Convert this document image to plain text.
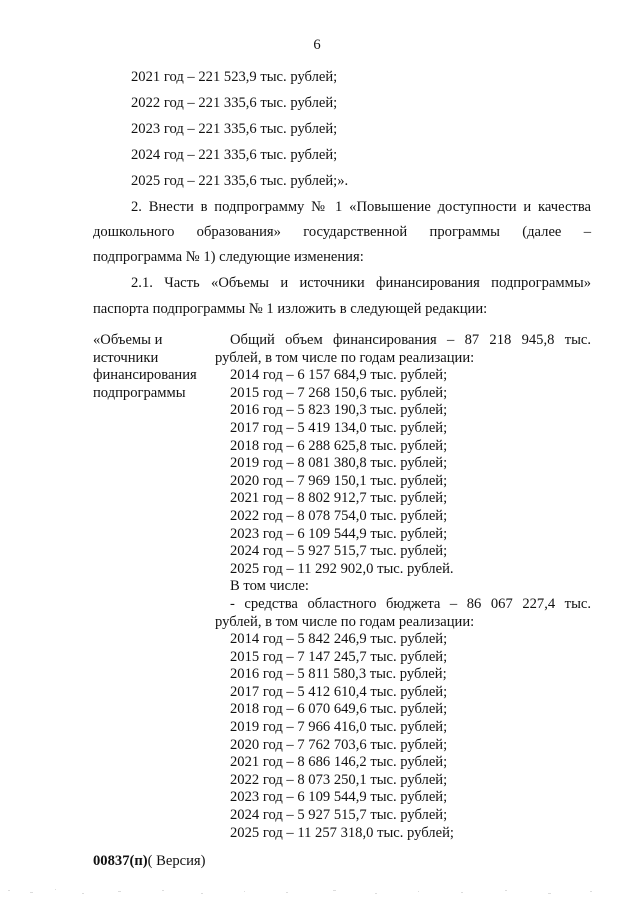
6
2021 год – 221 523,9 тыс. рублей;
2022 год – 221 335,6 тыс. рублей;
2023 год – 221 335,6 тыс. рублей;
2024 год – 221 335,6 тыс. рублей;
2025 год – 221 335,6 тыс. рублей;».
2. Внести в подпрограмму № 1 «Повышение доступности и качества
дошкольного образования» государственной программы (далее –
подпрограмма № 1) следующие изменения:
2.1. Часть «Объемы и источники финансирования подпрограммы»
паспорта подпрограммы № 1 изложить в следующей редакции:
«Объемы и
источники
финансирования
подпрограммы
Общий объем финансирования – 87 218 945,8 тыс.
рублей, в том числе по годам реализации:
2014 год – 6 157 684,9 тыс. рублей;
2015 год – 7 268 150,6 тыс. рублей;
2016 год – 5 823 190,3 тыс. рублей;
2017 год – 5 419 134,0 тыс. рублей;
2018 год – 6 288 625,8 тыс. рублей;
2019 год – 8 081 380,8 тыс. рублей;
2020 год – 7 969 150,1 тыс. рублей;
2021 год – 8 802 912,7 тыс. рублей;
2022 год – 8 078 754,0 тыс. рублей;
2023 год – 6 109 544,9 тыс. рублей;
2024 год – 5 927 515,7 тыс. рублей;
2025 год – 11 292 902,0 тыс. рублей.
В том числе:
- средства областного бюджета – 86 067 227,4 тыс.
рублей, в том числе по годам реализации:
2014 год – 5 842 246,9 тыс. рублей;
2015 год – 7 147 245,7 тыс. рублей;
2016 год – 5 811 580,3 тыс. рублей;
2017 год – 5 412 610,4 тыс. рублей;
2018 год – 6 070 649,6 тыс. рублей;
2019 год – 7 966 416,0 тыс. рублей;
2020 год – 7 762 703,6 тыс. рублей;
2021 год – 8 686 146,2 тыс. рублей;
2022 год – 8 073 250,1 тыс. рублей;
2023 год – 6 109 544,9 тыс. рублей;
2024 год – 5 927 515,7 тыс. рублей;
2025 год – 11 257 318,0 тыс. рублей;
00837(п)( Версия)
